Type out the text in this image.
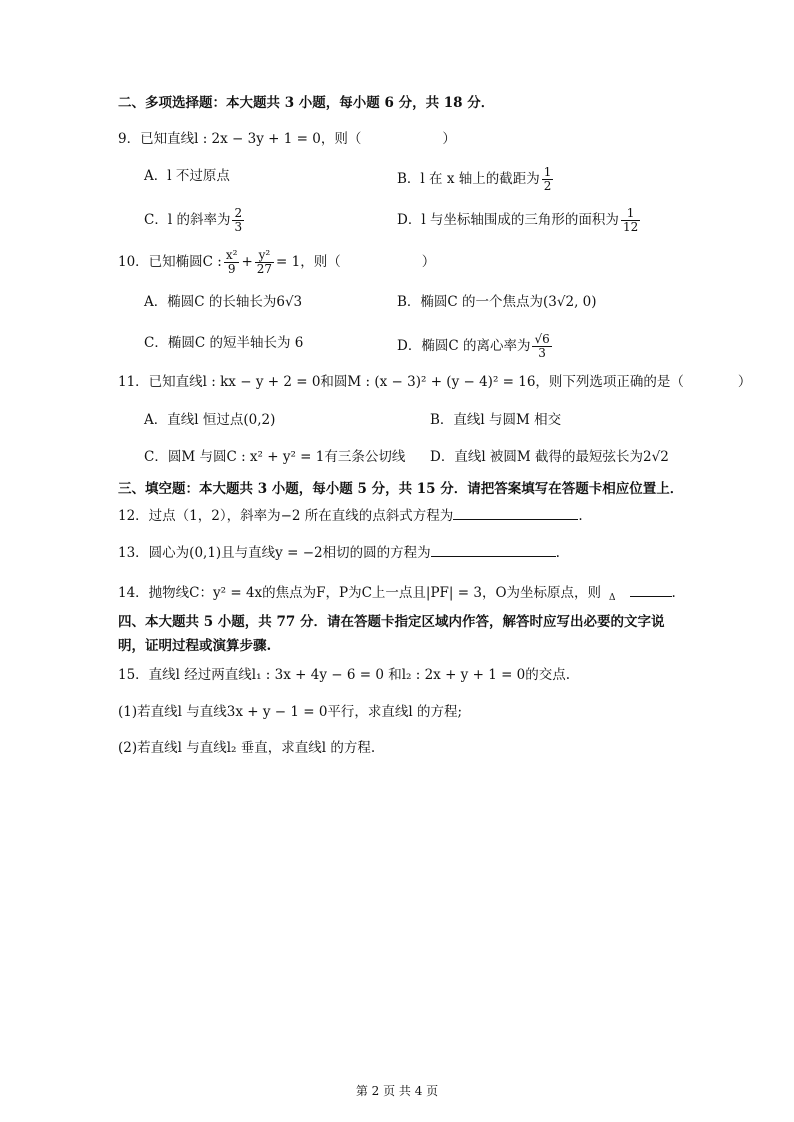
二、多项选择题：本大题共 3 小题，每小题 6 分，共 18 分．
9．已知直线l : 2x − 3y + 1 = 0，则（　　　　　　）
A．l 不过原点	B．l 在 x 轴上的截距为 $\frac{1}{2}$
C．l 的斜率为 $\frac{2}{3}$	D．l 与坐标轴围成的三角形的面积为 $\frac{1}{12}$
10．已知椭圆C : $\frac{\text{x²}}{9} + \frac{\text{y²}}{27} = 1$，则（　　　　　　）
A．椭圆C 的长轴长为6√3	B．椭圆C 的一个焦点为(3√2, 0)
C．椭圆C 的短半轴长为 6	D．椭圆C 的离心率为 $\frac{√6}{3}$
11．已知直线l : kx − y + 2 = 0和圆M : (x − 3)² + (y − 4)² = 16，则下列选项正确的是（　　　　）
A．直线l 恒过点(0,2)	B．直线l 与圆M 相交
C．圆M 与圆C : x² + y² = 1有三条公切线 D．直线l 被圆M 截得的最短弦长为2√2
三、填空题：本大题共 3 小题，每小题 5 分，共 15 分．请把答案填写在答题卡相应位置上．
12．过点（1，2），斜率为−2 所在直线的点斜式方程为	.
13．圆心为(0,1)且与直线y = −2相切的圆的方程为	.
14．抛物线C：y² = 4x的焦点为F，P为C上一点且|PF| = 3，O为坐标原点，则 $_\Delta$	.
四、本大题共 5 小题，共 77 分．请在答题卡指定区域内作答，解答时应写出必要的文字说
明，证明过程或演算步骤.
15．直线l 经过两直线l₁ : 3x + 4y − 6 = 0 和l₂ : 2x + y + 1 = 0的交点.
(1)若直线l 与直线3x + y − 1 = 0平行，求直线l 的方程;
(2)若直线l 与直线l₂ 垂直，求直线l 的方程.
第 2 页 共 4 页
